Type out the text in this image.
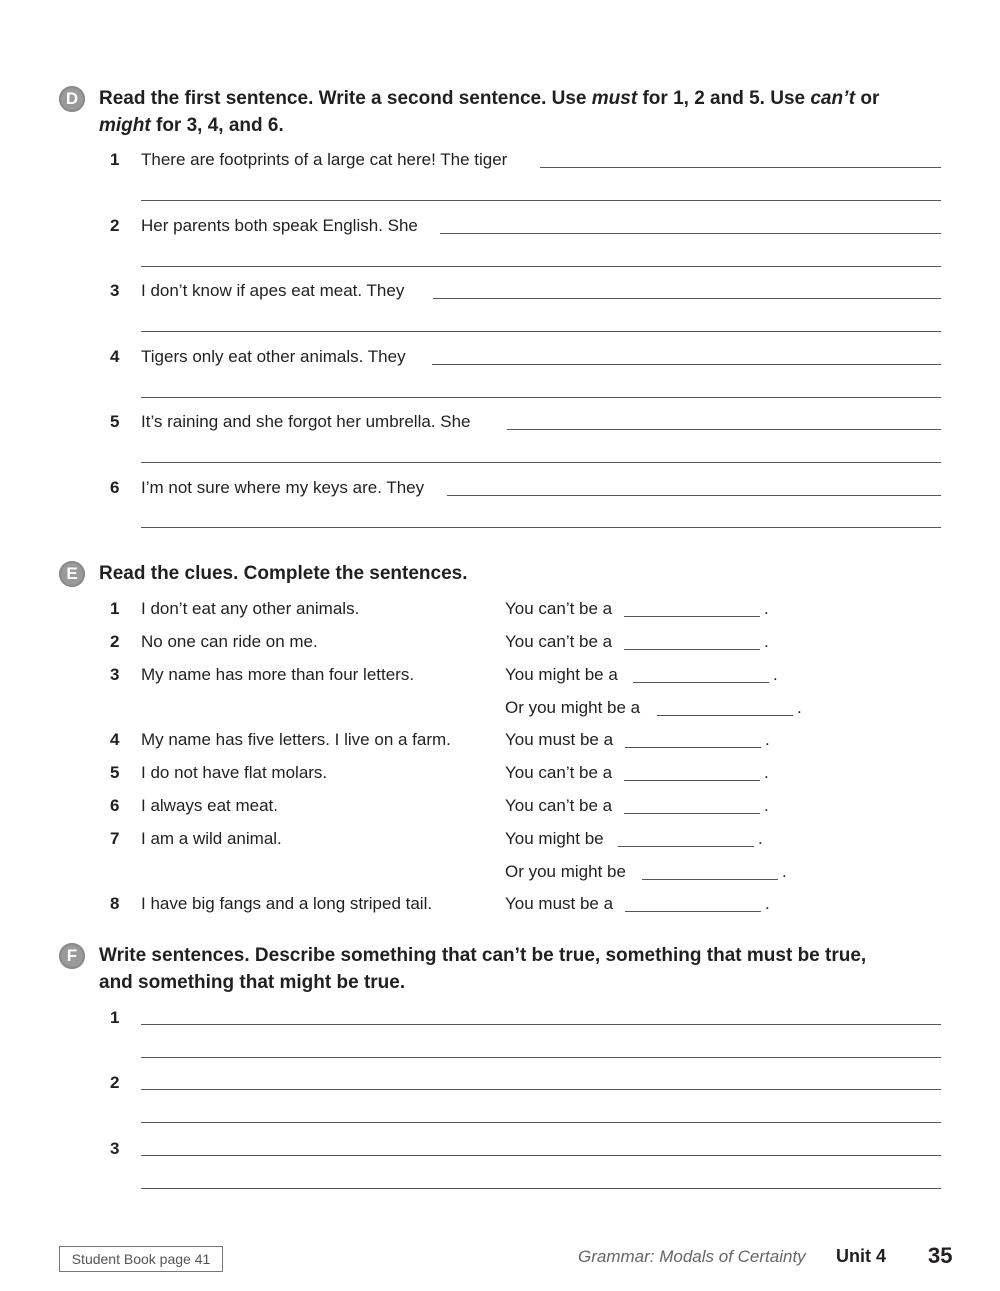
D	Read the first sentence. Write a second sentence. Use must for 1, 2 and 5. Use can’t or
might for 3, 4, and 6.
1 There are footprints of a large cat here! The tiger
2 Her parents both speak English. She
3 I don’t know if apes eat meat. They
4 Tigers only eat other animals. They
5 It’s raining and she forgot her umbrella. She
6 I’m not sure where my keys are. They
E	Read the clues. Complete the sentences.
1 I don’t eat any other animals.	You can’t be a	.
2 No one can ride on me.	You can’t be a	.
3 My name has more than four letters.	You might be a	.
Or you might be a	.
4 My name has five letters. I live on a farm.	You must be a	.
5 I do not have flat molars.	You can’t be a	.
6 I always eat meat.	You can’t be a	.
7 I am a wild animal.	You might be	.
Or you might be	.
8 I have big fangs and a long striped tail.	You must be a	.
F	Write sentences. Describe something that can’t be true, something that must be true,
and something that might be true.
1
2
3
Student Book page 41	Grammar: Modals of Certainty Unit 4 35
